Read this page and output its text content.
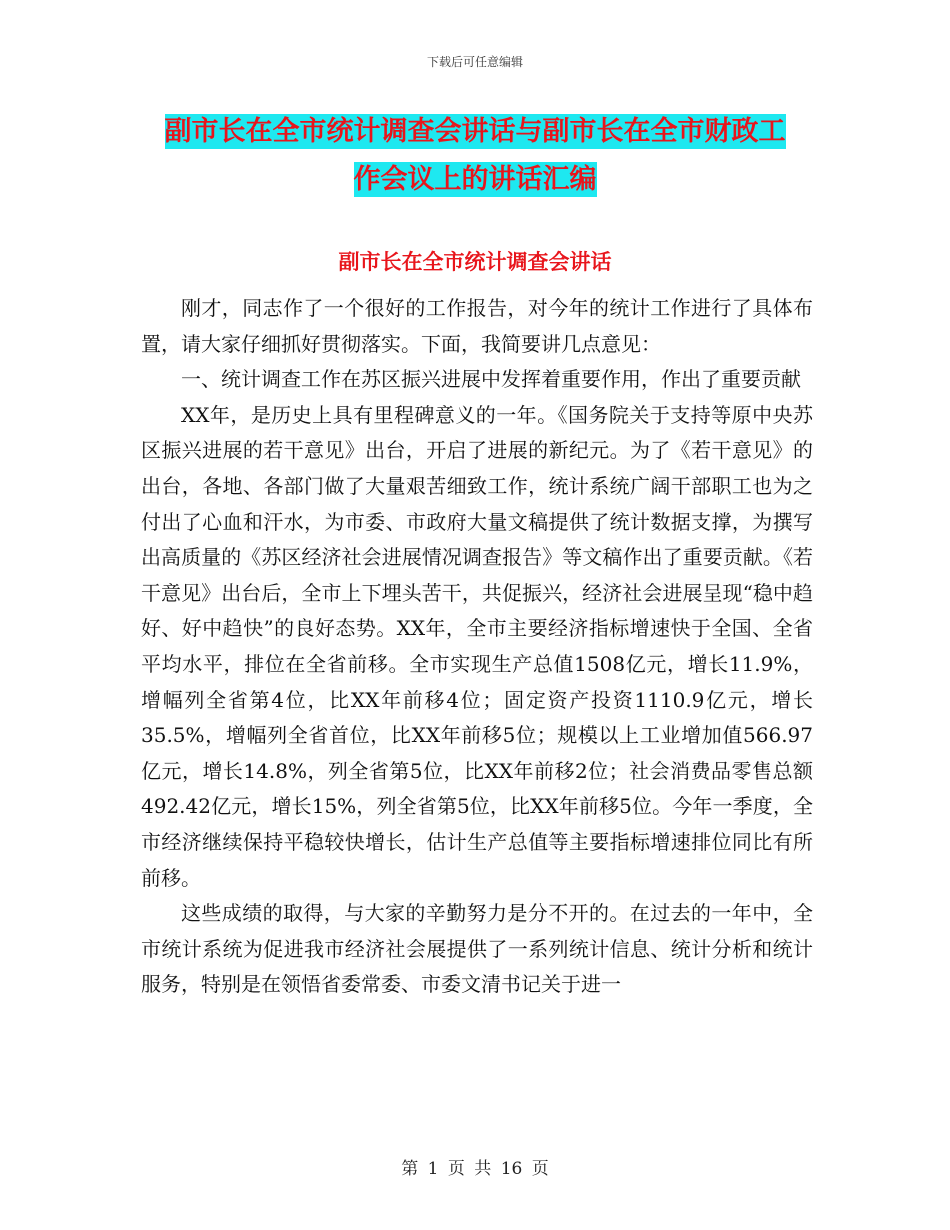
下载后可任意编辑
副市长在全市统计调查会讲话与副市长在全市财政工
作会议上的讲话汇编
副市长在全市统计调查会讲话

刚才，同志作了一个很好的工作报告，对今年的统计工作进行了具体布置，请大家仔细抓好贯彻落实。下面，我简要讲几点意见：

一、统计调查工作在苏区振兴进展中发挥着重要作用，作出了重要贡献

XX年，是历史上具有里程碑意义的一年。《国务院关于支持等原中央苏区振兴进展的若干意见》出台，开启了进展的新纪元。为了《若干意见》的出台，各地、各部门做了大量艰苦细致工作，统计系统广阔干部职工也为之付出了心血和汗水，为市委、市政府大量文稿提供了统计数据支撑，为撰写出高质量的《苏区经济社会进展情况调查报告》等文稿作出了重要贡献。《若干意见》出台后，全市上下埋头苦干，共促振兴，经济社会进展呈现“稳中趋好、好中趋快”的良好态势。XX年，全市主要经济指标增速快于全国、全省平均水平，排位在全省前移。全市实现生产总值1508亿元，增长11.9%，增幅列全省第4位，比XX年前移4位；固定资产投资1110.9亿元，增长35.5%，增幅列全省首位，比XX年前移5位；规模以上工业增加值566.97亿元，增长14.8%，列全省第5位，比XX年前移2位；社会消费品零售总额492.42亿元，增长15%，列全省第5位，比XX年前移5位。今年一季度，全市经济继续保持平稳较快增长，估计生产总值等主要指标增速排位同比有所前移。

这些成绩的取得，与大家的辛勤努力是分不开的。在过去的一年中，全市统计系统为促进我市经济社会展提供了一系列统计信息、统计分析和统计服务，特别是在领悟省委常委、市委文清书记关于进一

第 1 页 共 16 页
